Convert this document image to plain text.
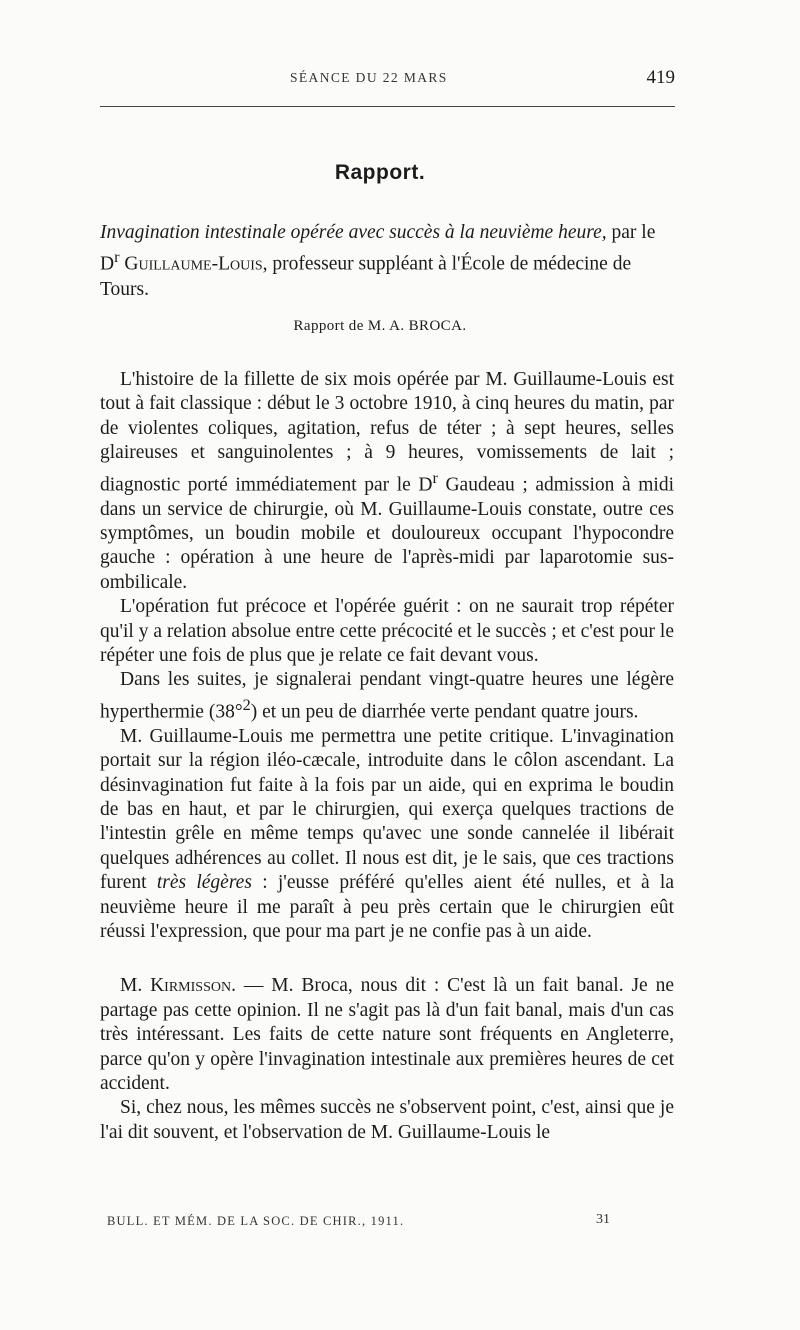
SÉANCE DU 22 MARS	419
Rapport.
Invagination intestinale opérée avec succès à la neuvième heure, par le $D^r$ Guillaume-Louis, professeur suppléant à l'École de médecine de Tours.
Rapport de M. A. BROCA.

L'histoire de la fillette de six mois opérée par M. Guillaume-Louis est tout à fait classique : début le 3 octobre 1910, à cinq heures du matin, par de violentes coliques, agitation, refus de téter ; à sept heures, selles glaireuses et sanguinolentes ; à 9 heures, vomissements de lait ; diagnostic porté immédiatement par le $D^r$ Gaudeau ; admission à midi dans un service de chirurgie, où M. Guillaume-Louis constate, outre ces symptômes, un boudin mobile et douloureux occupant l'hypocondre gauche : opération à une heure de l'après-midi par laparotomie sus-ombilicale.

L'opération fut précoce et l'opérée guérit : on ne saurait trop répéter qu'il y a relation absolue entre cette précocité et le succès ; et c'est pour le répéter une fois de plus que je relate ce fait devant vous.

Dans les suites, je signalerai pendant vingt-quatre heures une légère hyperthermie (38°$^2$) et un peu de diarrhée verte pendant quatre jours.

M. Guillaume-Louis me permettra une petite critique. L'invagination portait sur la région iléo-cæcale, introduite dans le côlon ascendant. La désinvagination fut faite à la fois par un aide, qui en exprima le boudin de bas en haut, et par le chirurgien, qui exerça quelques tractions de l'intestin grêle en même temps qu'avec une sonde cannelée il libérait quelques adhérences au collet. Il nous est dit, je le sais, que ces tractions furent très légères : j'eusse préféré qu'elles aient été nulles, et à la neuvième heure il me paraît à peu près certain que le chirurgien eût réussi l'expression, que pour ma part je ne confie pas à un aide.

M. Kirmisson. — M. Broca, nous dit : C'est là un fait banal. Je ne partage pas cette opinion. Il ne s'agit pas là d'un fait banal, mais d'un cas très intéressant. Les faits de cette nature sont fréquents en Angleterre, parce qu'on y opère l'invagination intestinale aux premières heures de cet accident.

Si, chez nous, les mêmes succès ne s'observent point, c'est, ainsi que je l'ai dit souvent, et l'observation de M. Guillaume-Louis le

BULL. ET MÉM. DE LA SOC. DE CHIR., 1911.	31
